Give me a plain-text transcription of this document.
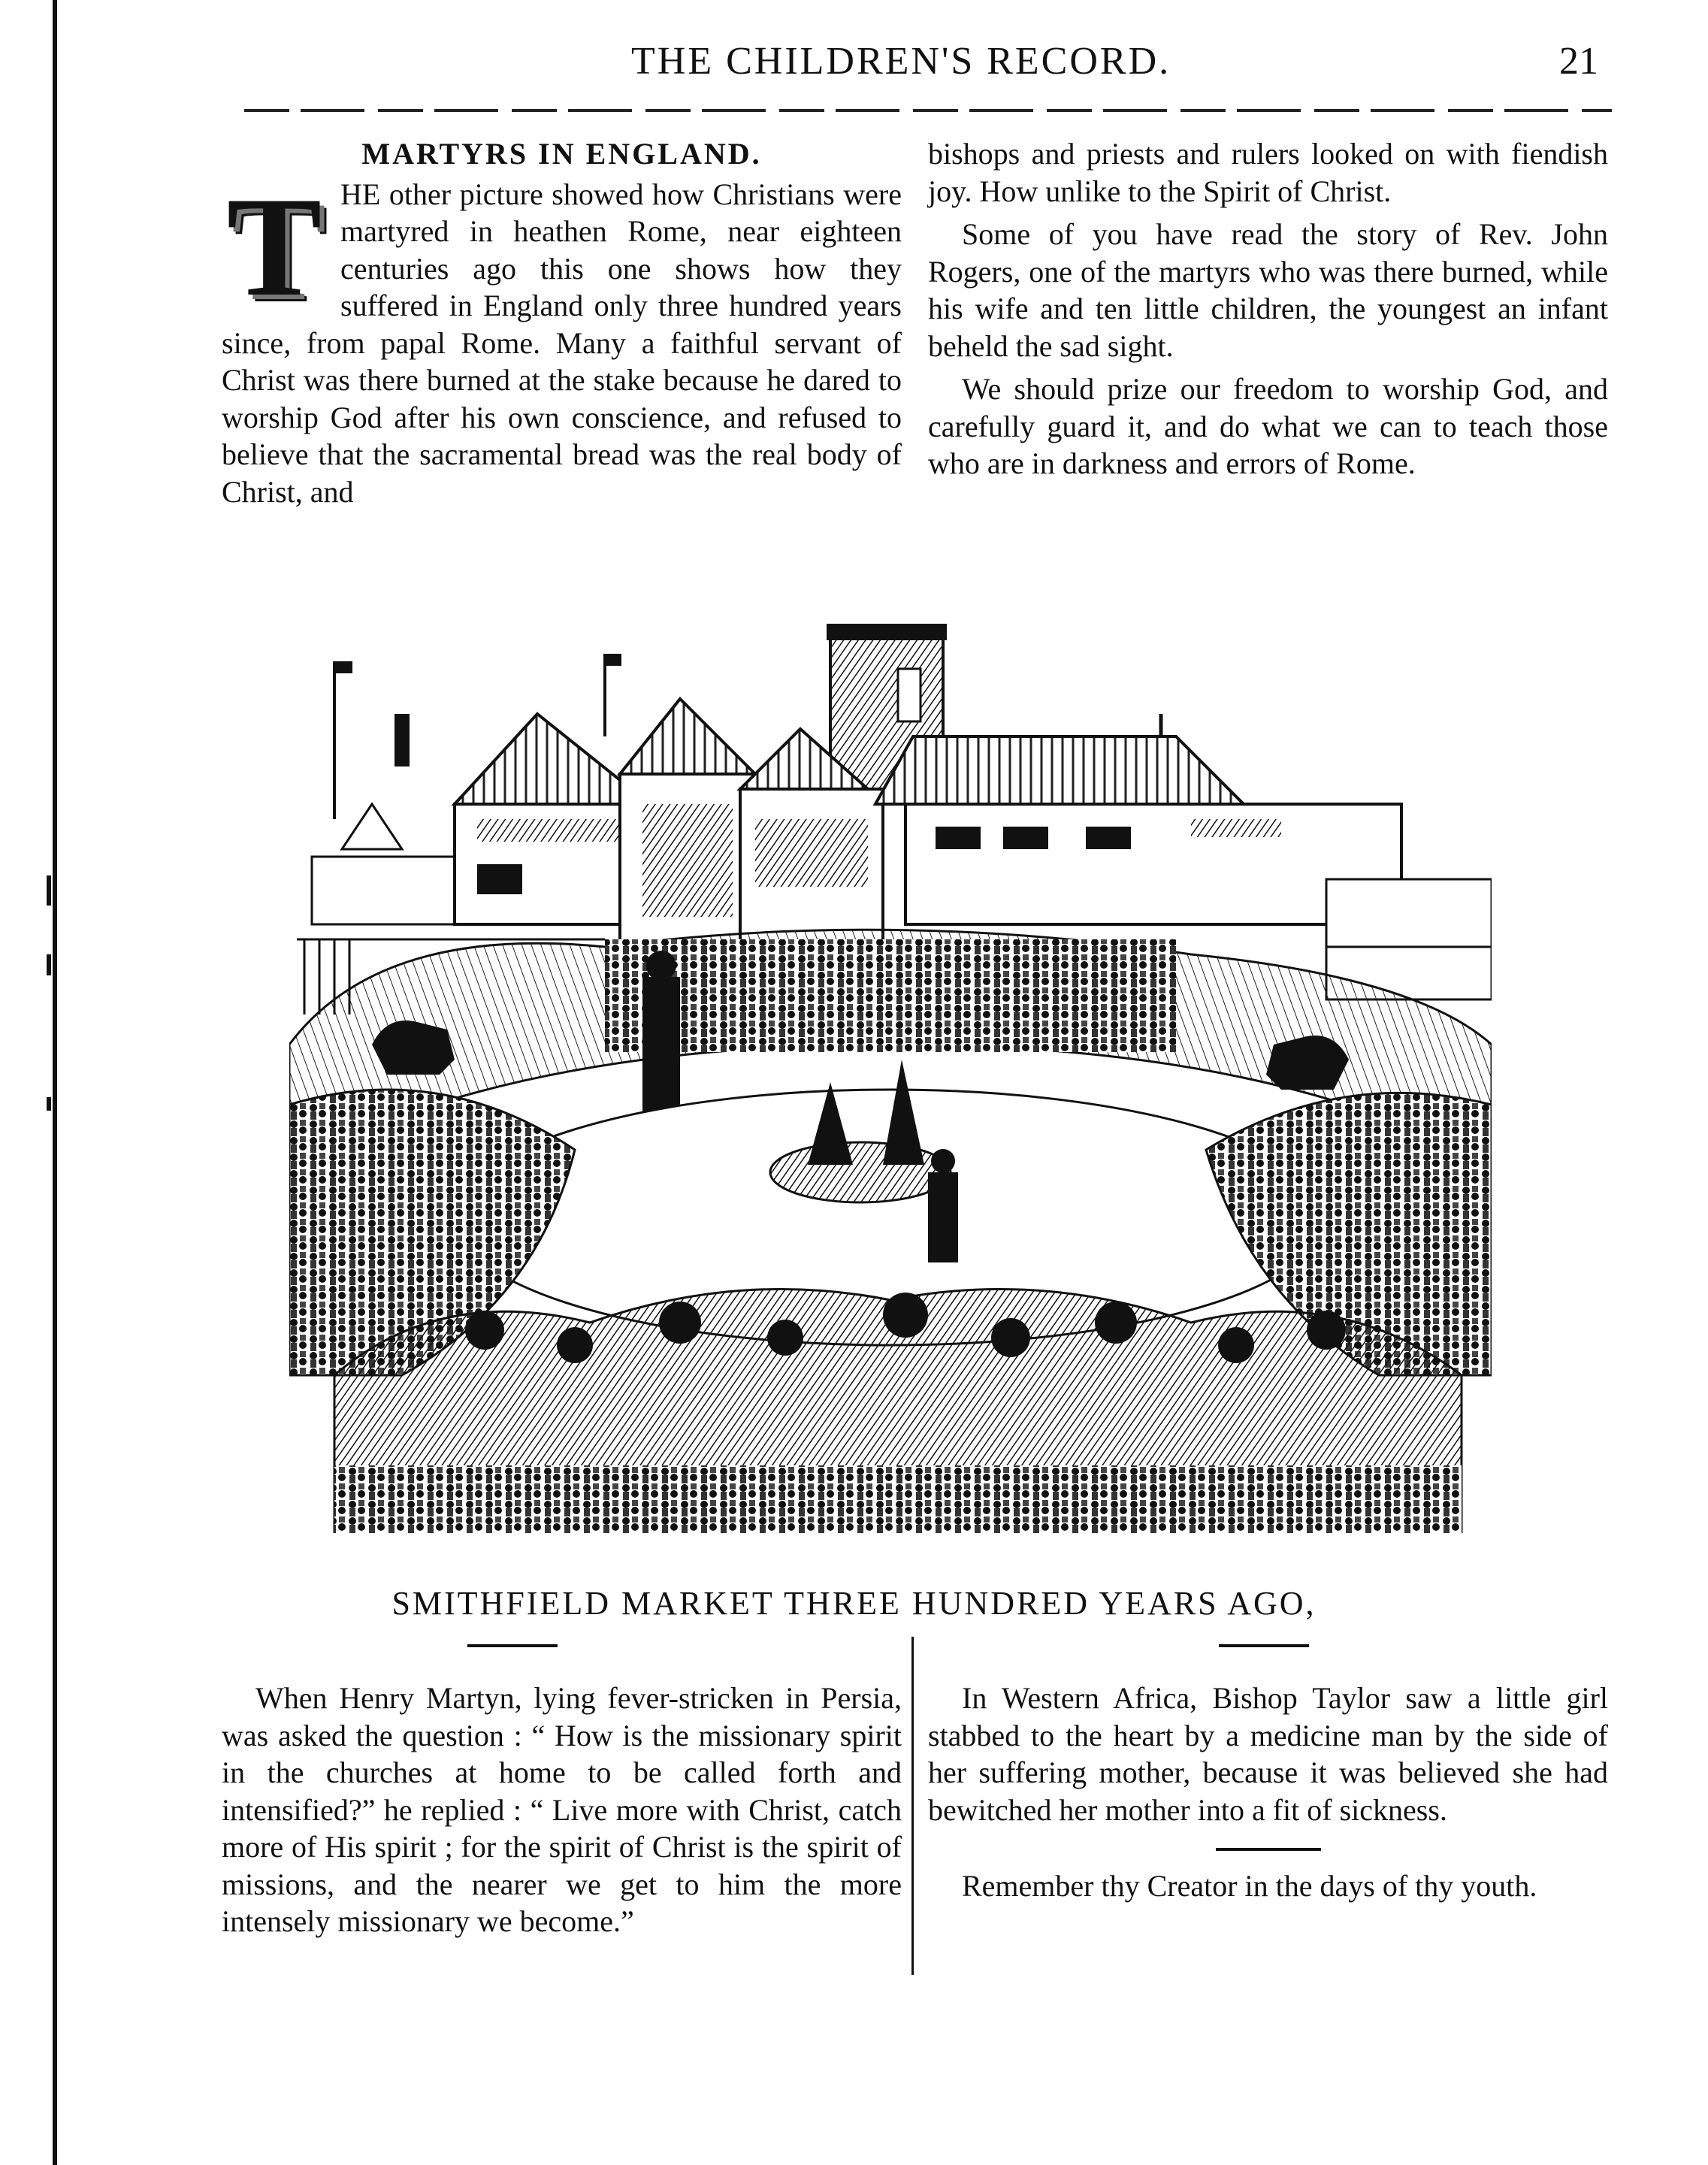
THE CHILDREN'S RECORD.	21
MARTYRS IN ENGLAND.

THE other picture showed how Christians were martyred in heathen Rome, near eighteen centuries ago this one shows how they suffered in England only three hundred years since, from papal Rome. Many a faithful servant of Christ was there burned at the stake because he dared to worship God after his own conscience, and refused to believe that the sacramental bread was the real body of Christ, and

bishops and priests and rulers looked on with fiendish joy. How unlike to the Spirit of Christ.

Some of you have read the story of Rev. John Rogers, one of the martyrs who was there burned, while his wife and ten little children, the youngest an infant beheld the sad sight.

We should prize our freedom to worship God, and carefully guard it, and do what we can to teach those who are in darkness and errors of Rome.

SMITHFIELD MARKET THREE HUNDRED YEARS AGO,

When Henry Martyn, lying fever-stricken in Persia, was asked the question : “ How is the missionary spirit in the churches at home to be called forth and intensified?” he replied : “ Live more with Christ, catch more of His spirit ; for the spirit of Christ is the spirit of missions, and the nearer we get to him the more intensely missionary we become.”

In Western Africa, Bishop Taylor saw a little girl stabbed to the heart by a medicine man by the side of her suffering mother, because it was believed she had bewitched her mother into a fit of sickness.

Remember thy Creator in the days of thy youth.
